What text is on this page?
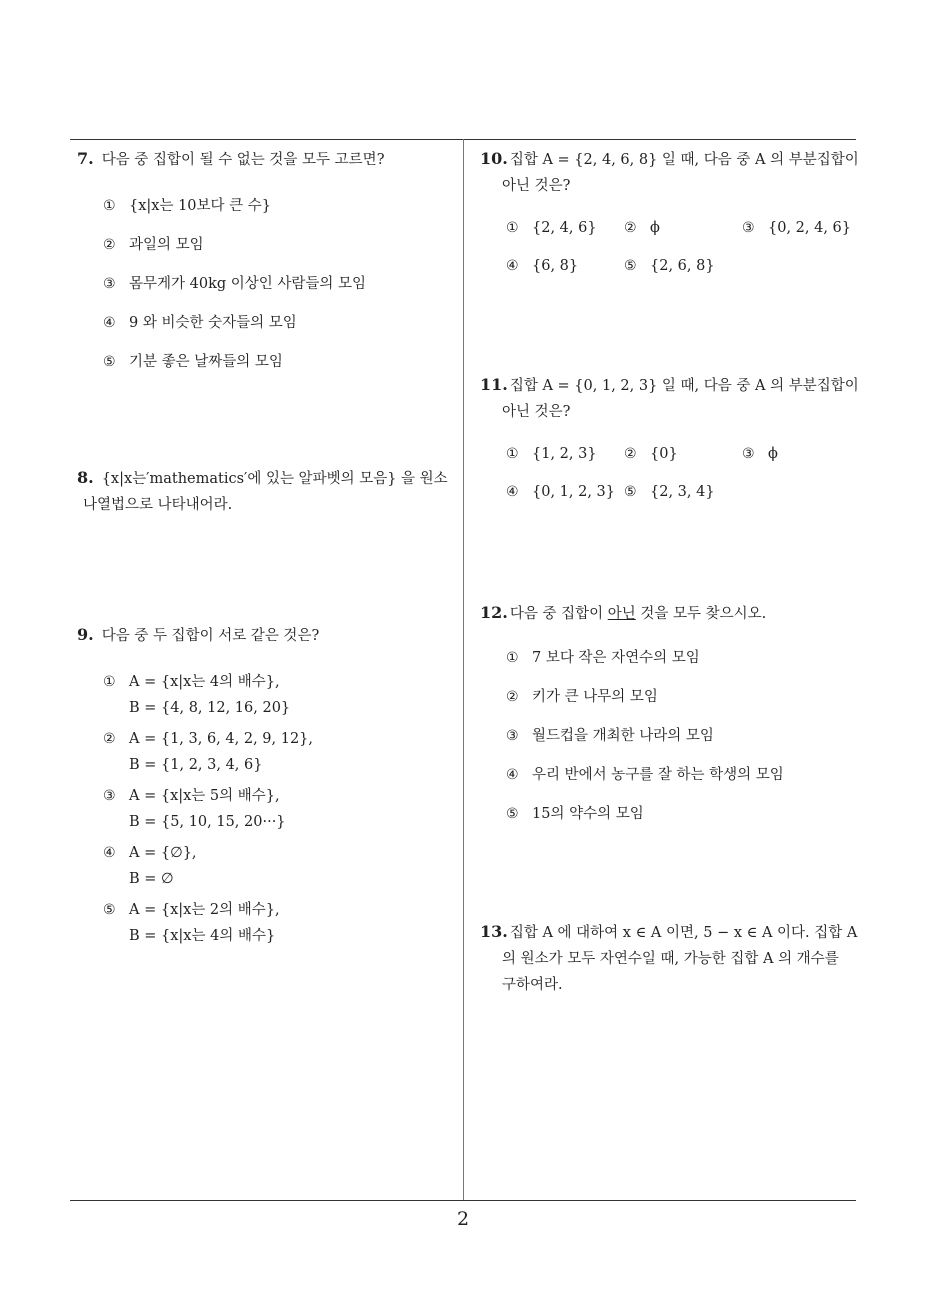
7. 다음 중 집합이 될 수 없는 것을 모두 고르면?
① {x|x는 10보다 큰 수}
② 과일의 모임
③ 몸무게가 40kg 이상인 사람들의 모임
④ 9 와 비슷한 숫자들의 모임
⑤ 기분 좋은 날짜들의 모임
8. {x|x는′mathematics′에 있는 알파벳의 모음} 을 원소
나열법으로 나타내어라.
9. 다음 중 두 집합이 서로 같은 것은?
① A = {x|x는 4의 배수},
B = {4, 8, 12, 16, 20}
② A = {1, 3, 6, 4, 2, 9, 12},
B = {1, 2, 3, 4, 6}
③ A = {x|x는 5의 배수},
B = {5, 10, 15, 20···}
④ A = {∅},
B = ∅
⑤ A = {x|x는 2의 배수},
B = {x|x는 4의 배수}
10. 집합 A = {2, 4, 6, 8} 일 때, 다음 중 A 의 부분집합이
아닌 것은?
① {2, 4, 6} ② ϕ	③ {0, 2, 4, 6}
④ {6, 8}	⑤ {2, 6, 8}
11. 집합 A = {0, 1, 2, 3} 일 때, 다음 중 A 의 부분집합이
아닌 것은?
① {1, 2, 3} ② {0}	③ ϕ
④ {0, 1, 2, 3} ⑤ {2, 3, 4}
12. 다음 중 집합이 아닌 것을 모두 찾으시오.
① 7 보다 작은 자연수의 모임
② 키가 큰 나무의 모임
③ 월드컵을 개최한 나라의 모임
④ 우리 반에서 농구를 잘 하는 학생의 모임
⑤ 15의 약수의 모임
13. 집합 A 에 대하여 x ∈ A 이면, 5 − x ∈ A 이다. 집합 A
의 원소가 모두 자연수일 때, 가능한 집합 A 의 개수를
구하여라.
2
